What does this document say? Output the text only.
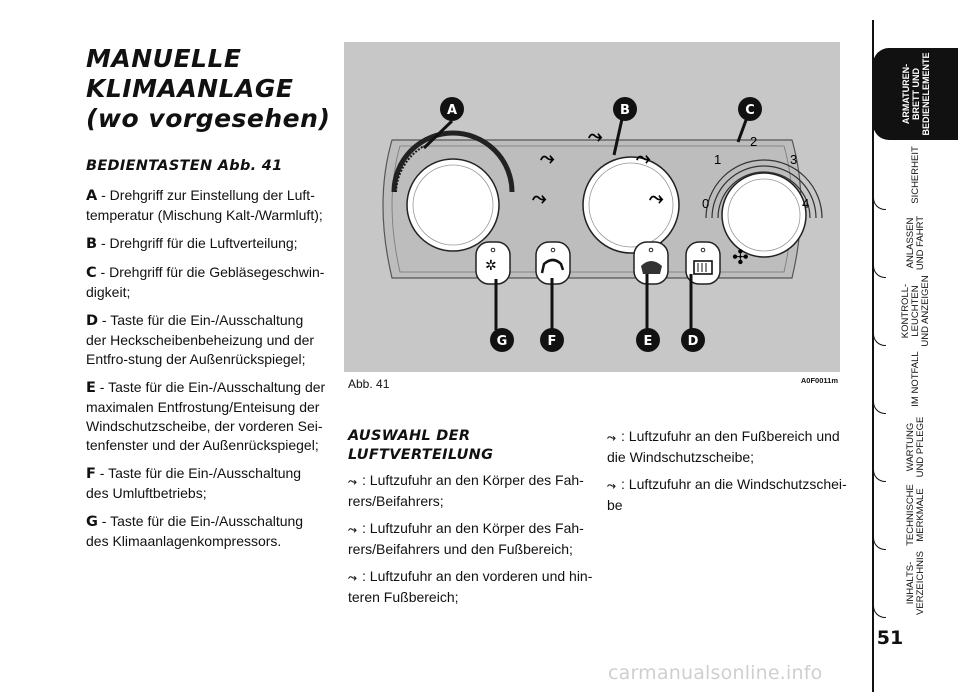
MANUELLE
KLIMAANLAGE
(wo vorgesehen)
BEDIENTASTEN Abb. 41
A - Drehgriff zur Einstellung der Luft-temperatur (Mischung Kalt-/Warmluft);
B - Drehgriff für die Luftverteilung;
C - Drehgriff für die Gebläsegeschwin-digkeit;
D - Taste für die Ein-/Ausschaltung der Heckscheibenbeheizung und der Entfro-stung der Außenrückspiegel;
E - Taste für die Ein-/Ausschaltung der maximalen Entfrostung/Enteisung der Windschutzscheibe, der vorderen Sei-tenfenster und der Außenrückspiegel;
F - Taste für die Ein-/Ausschaltung des Umluftbetriebs;
G - Taste für die Ein-/Ausschaltung des Klimaanlagenkompressors.
⤳
⤳
⤳
⤳
⤳	0
1
2
3
4
✣
✲
A	B	C
D
E
F
G
Abb. 41	A0F0011m
AUSWAHL DER
LUFTVERTEILUNG
⤳ : Luftzufuhr an den Körper des Fah-rers/Beifahrers;
⤳ : Luftzufuhr an den Körper des Fah-rers/Beifahrers und den Fußbereich;
⤳ : Luftzufuhr an den vorderen und hin-teren Fußbereich;
⤳ : Luftzufuhr an den Fußbereich und die Windschutzscheibe;
⤳ : Luftzufuhr an die Windschutzschei-be
ARMATUREN-
BRETT UND
BEDIENELEMENTE
SICHERHEIT
ANLASSEN
UND FAHRT
KONTROLL-
LEUCHTEN
UND ANZEIGEN
IM NOTFALL
WARTUNG
UND PFLEGE
TECHNISCHE
MERKMALE
INHALTS-
VERZEICHNIS
51
carmanualsonline.info
